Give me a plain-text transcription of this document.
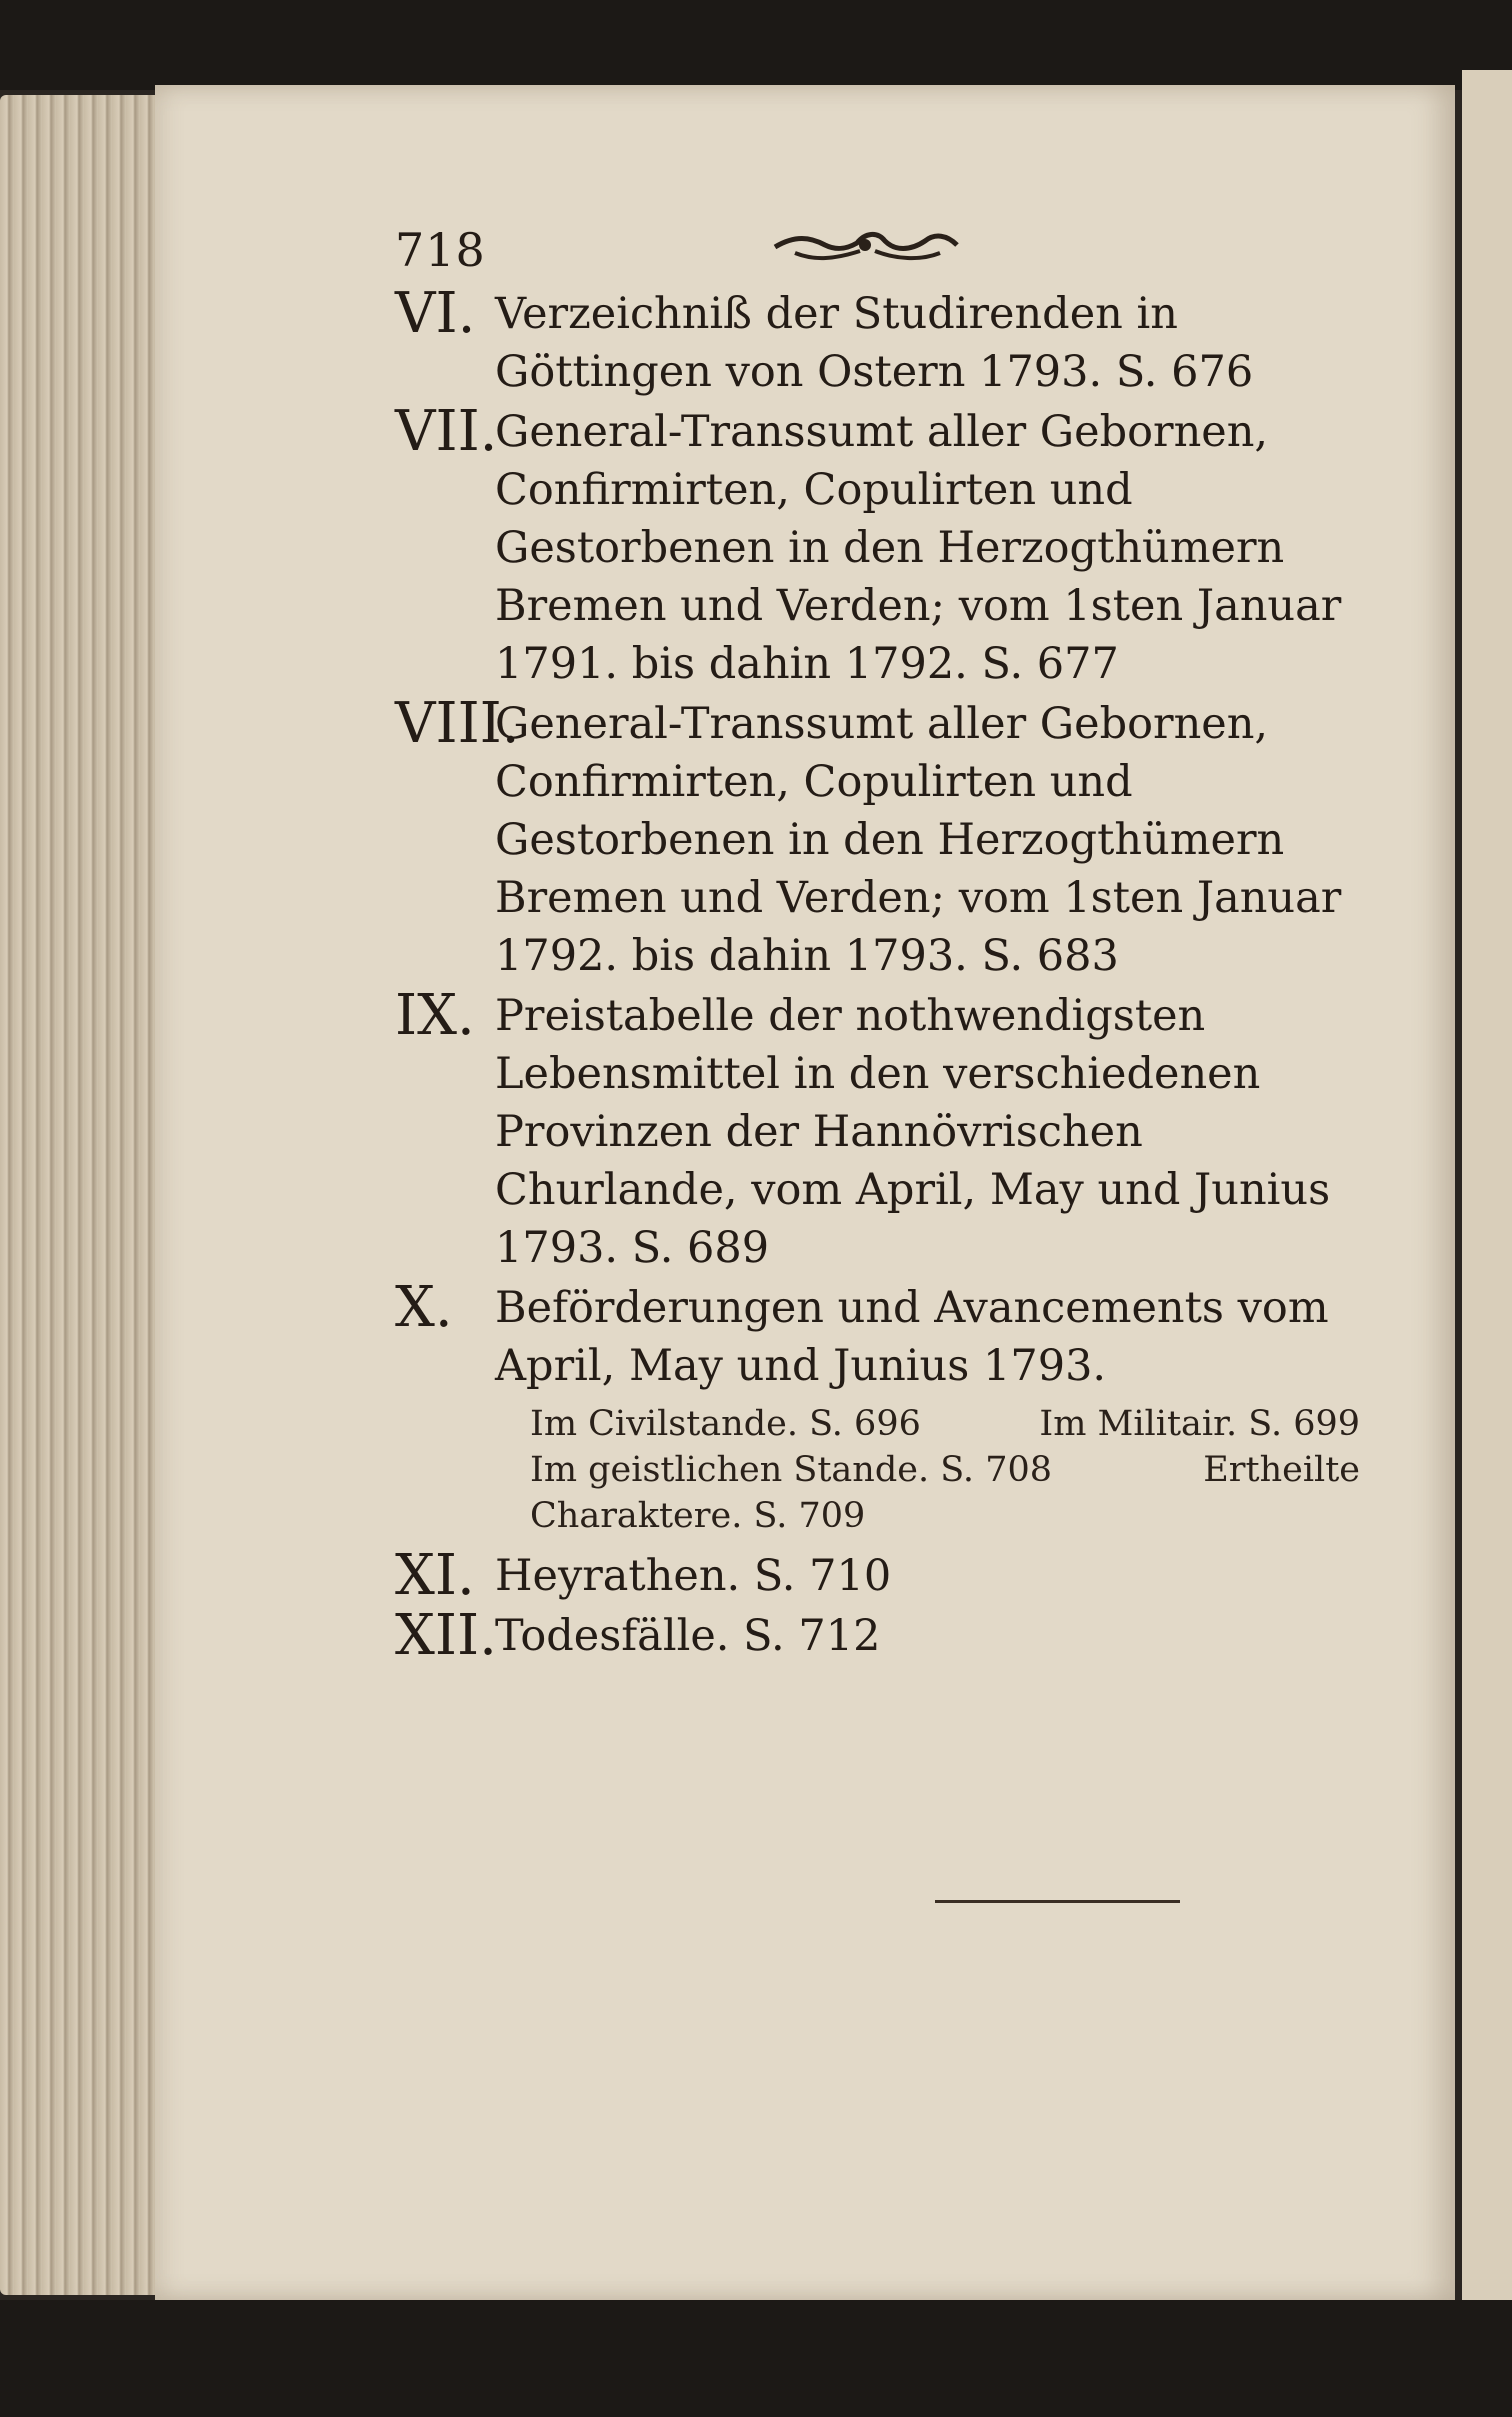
718
VI. Verzeichniß der Studirenden in Göttingen von Ostern 1793. S. 676
VII.
General-Transsumt aller Gebornen, Confirmirten, Copulirten und Gestorbenen in den Herzogthümern Bremen und Verden; vom 1sten Januar 1791. bis dahin 1792. S. 677
VIII.
General-Transsumt aller Gebornen, Confirmirten, Copulirten und Gestorbenen in den Herzogthümern Bremen und Verden; vom 1sten Januar 1792. bis dahin 1793. S. 683
IX. Preistabelle der nothwendigsten Lebensmittel in den verschiedenen Provinzen der Hannövrischen Churlande, vom April, May und Junius 1793. S. 689
X. Beförderungen und Avancements vom April, May und Junius 1793.
Im Civilstande. S. 696	Im Militair. S. 699
Im geistlichen Stande. S. 708	Ertheilte
Charaktere. S. 709
XI. Heyrathen. S. 710
XII.
Todesfälle. S. 712
